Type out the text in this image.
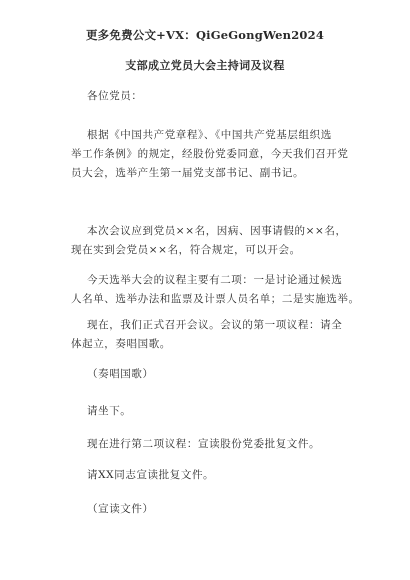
更多免费公文+VX：QiGeGongWen2024
支部成立党员大会主持词及议程
各位党员：
根据《中国共产党章程》、《中国共产党基层组织选
举工作条例》的规定，经股份党委同意，今天我们召开党
员大会，选举产生第一届党支部书记、副书记。
本次会议应到党员××名，因病、因事请假的××名，
现在实到会党员××名，符合规定，可以开会。
今天选举大会的议程主要有二项：一是讨论通过候选
人名单、选举办法和监票及计票人员名单；二是实施选举。
现在，我们正式召开会议。会议的第一项议程：请全
体起立，奏唱国歌。
（奏唱国歌）
请坐下。
现在进行第二项议程：宣读股份党委批复文件。
请XX同志宣读批复文件。
（宣读文件）
